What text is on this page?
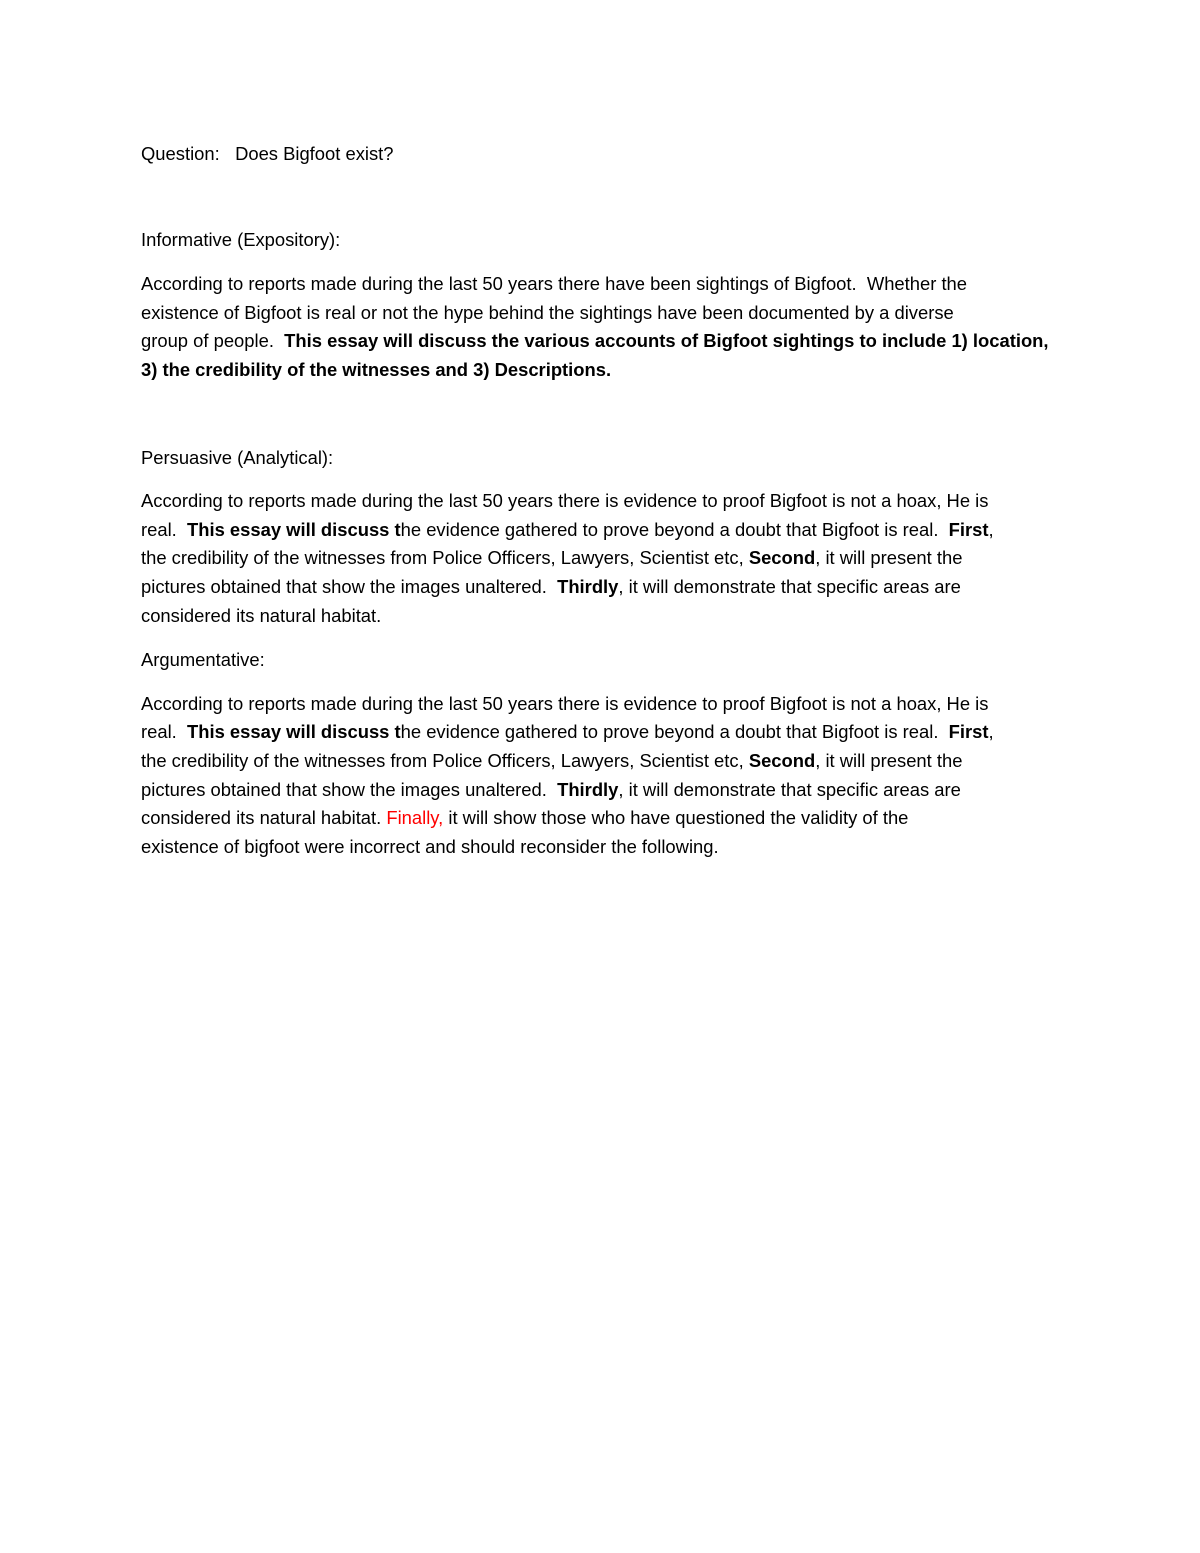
Question: Does Bigfoot exist?

Informative (Expository):

According to reports made during the last 50 years there have been sightings of Bigfoot.  Whether the

existence of Bigfoot is real or not the hype behind the sightings have been documented by a diverse

group of people.  This essay will discuss the various accounts of Bigfoot sightings to include 1) location,

3) the credibility of the witnesses and 3) Descriptions.

Persuasive (Analytical):

According to reports made during the last 50 years there is evidence to proof Bigfoot is not a hoax, He is

real.  This essay will discuss the evidence gathered to prove beyond a doubt that Bigfoot is real.  First,

the credibility of the witnesses from Police Officers, Lawyers, Scientist etc, Second, it will present the

pictures obtained that show the images unaltered.  Thirdly, it will demonstrate that specific areas are

considered its natural habitat.

Argumentative:

According to reports made during the last 50 years there is evidence to proof Bigfoot is not a hoax, He is

real.  This essay will discuss the evidence gathered to prove beyond a doubt that Bigfoot is real.  First,

the credibility of the witnesses from Police Officers, Lawyers, Scientist etc, Second, it will present the

pictures obtained that show the images unaltered.  Thirdly, it will demonstrate that specific areas are

considered its natural habitat. Finally, it will show those who have questioned the validity of the

existence of bigfoot were incorrect and should reconsider the following.
